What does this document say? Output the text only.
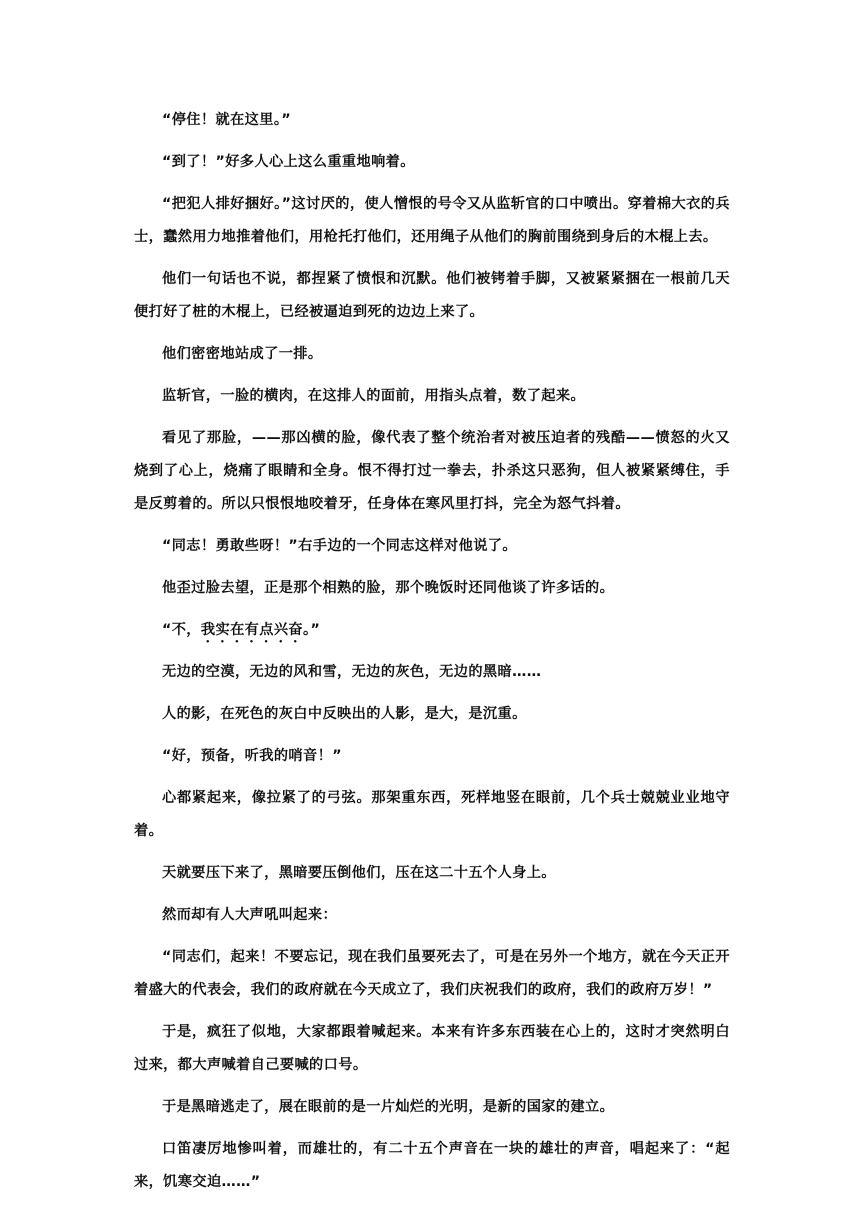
“停住！就在这里。”

“到了！”好多人心上这么重重地响着。

“把犯人排好捆好。”这讨厌的，使人憎恨的号令又从监斩官的口中喷出。穿着棉大衣的兵士，蠢然用力地推着他们，用枪托打他们，还用绳子从他们的胸前围绕到身后的木棍上去。

他们一句话也不说，都捏紧了愤恨和沉默。他们被铐着手脚，又被紧紧捆在一根前几天便打好了桩的木棍上，已经被逼迫到死的边边上来了。

他们密密地站成了一排。

监斩官，一脸的横肉，在这排人的面前，用指头点着，数了起来。

看见了那脸，——那凶横的脸，像代表了整个统治者对被压迫者的残酷——愤怒的火又烧到了心上，烧痛了眼睛和全身。恨不得打过一拳去，扑杀这只恶狗，但人被紧紧缚住，手是反剪着的。所以只恨恨地咬着牙，任身体在寒风里打抖，完全为怒气抖着。

“同志！勇敢些呀！”右手边的一个同志这样对他说了。

他歪过脸去望，正是那个相熟的脸，那个晚饭时还同他谈了许多话的。

“不，我实在有点兴奋。”

无边的空漠，无边的风和雪，无边的灰色，无边的黑暗……

人的影，在死色的灰白中反映出的人影，是大，是沉重。

“好，预备，听我的哨音！”

心都紧起来，像拉紧了的弓弦。那架重东西，死样地竖在眼前，几个兵士兢兢业业地守着。

天就要压下来了，黑暗要压倒他们，压在这二十五个人身上。

然而却有人大声吼叫起来：

“同志们，起来！不要忘记，现在我们虽要死去了，可是在另外一个地方，就在今天正开着盛大的代表会，我们的政府就在今天成立了，我们庆祝我们的政府，我们的政府万岁！”

于是，疯狂了似地，大家都跟着喊起来。本来有许多东西装在心上的，这时才突然明白过来，都大声喊着自己要喊的口号。

于是黑暗逃走了，展在眼前的是一片灿烂的光明，是新的国家的建立。

口笛凄厉地惨叫着，而雄壮的，有二十五个声音在一块的雄壮的声音，唱起来了：“起来，饥寒交迫……”
